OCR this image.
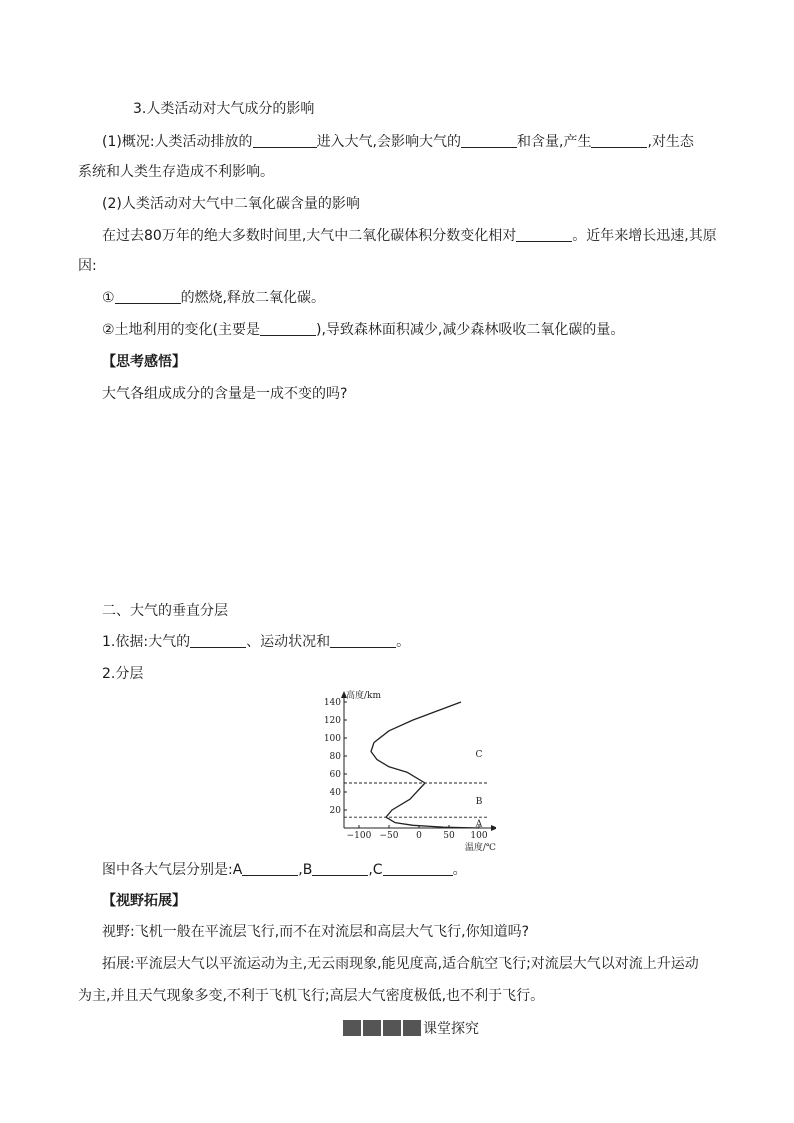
3.人类活动对大气成分的影响
(1)概况:人类活动排放的	进入大气,会影响大气的	和含量,产生	,对生态
系统和人类生存造成不利影响。
(2)人类活动对大气中二氧化碳含量的影响
在过去80万年的绝大多数时间里,大气中二氧化碳体积分数变化相对	。近年来增长迅速,其原
因:
①	的燃烧,释放二氧化碳。
②土地利用的变化(主要是	),导致森林面积减少,减少森林吸收二氧化碳的量。
【思考感悟】
大气各组成成分的含量是一成不变的吗?
二、大气的垂直分层
1.依据:大气的	、运动状况和	。
2.分层
20
40
60
80
100
120
140
−100 −50 0 50 100
高度/km
温度/℃
A
B
C
图中各大气层分别是:A	,B	,C	。
【视野拓展】
视野:飞机一般在平流层飞行,而不在对流层和高层大气飞行,你知道吗?
拓展:平流层大气以平流运动为主,无云雨现象,能见度高,适合航空飞行;对流层大气以对流上升运动
为主,并且天气现象多变,不利于飞机飞行;高层大气密度极低,也不利于飞行。
课堂探究
